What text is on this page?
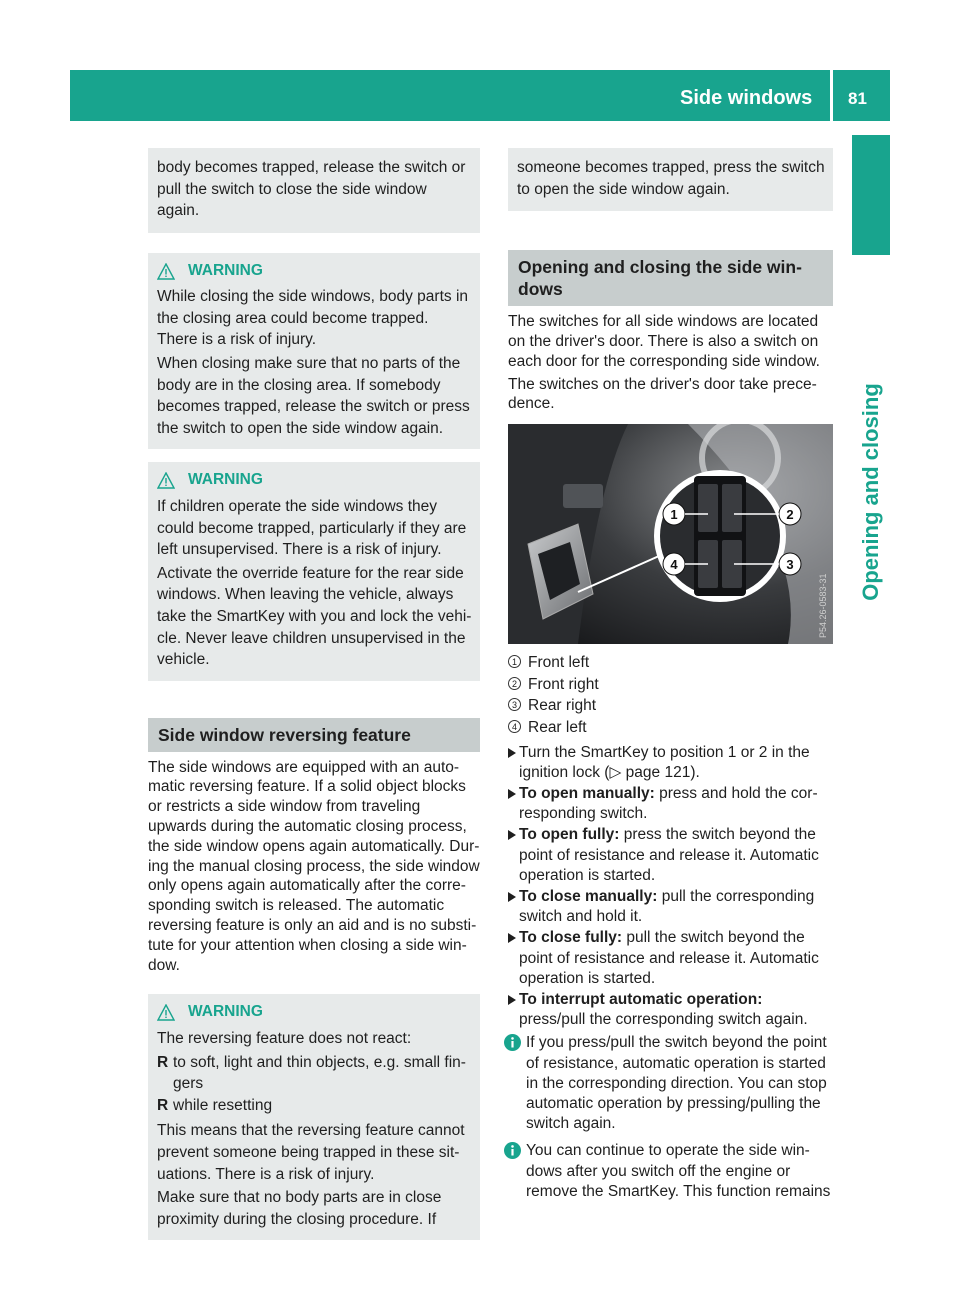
Side windows 81
Opening and closing

body becomes trapped, release the switch or pull the switch to close the side window again.

WARNING

While closing the side windows, body parts in the closing area could become trapped. There is a risk of injury.

When closing make sure that no parts of the body are in the closing area. If somebody becomes trapped, release the switch or press the switch to open the side window again.

WARNING

If children operate the side windows they could become trapped, particularly if they are left unsupervised. There is a risk of injury.

Activate the override feature for the rear side windows. When leaving the vehicle, always take the SmartKey with you and lock the vehi-cle. Never leave children unsupervised in the vehicle.

Side window reversing feature

The side windows are equipped with an auto-matic reversing feature. If a solid object blocks or restricts a side window from traveling upwards during the automatic closing process, the side window opens again automatically. Dur-ing the manual closing process, the side window only opens again automatically after the corre-sponding switch is released. The automatic reversing feature is only an aid and is no substi-tute for your attention when closing a side win-dow.

WARNING

The reversing feature does not react:

R to soft, light and thin objects, e.g. small fin-gers
R while resetting

This means that the reversing feature cannot prevent someone being trapped in these sit-uations. There is a risk of injury.

Make sure that no body parts are in close proximity during the closing procedure. If

someone becomes trapped, press the switch to open the side window again.

Opening and closing the side win-dows

The switches for all side windows are located on the driver's door. There is also a switch on each door for the corresponding side window.

The switches on the driver's door take prece-dence.

1	2
3
4
P54.26-0583-31
1 Front left
2 Front right
3 Rear right
4 Rear left
Turn the SmartKey to position 1 or 2 in the ignition lock (▷ page 121).
To open manually: press and hold the cor-responding switch.
To open fully: press the switch beyond the point of resistance and release it. Automatic operation is started.
To close manually: pull the corresponding switch and hold it.
To close fully: pull the switch beyond the point of resistance and release it. Automatic operation is started.
To interrupt automatic operation: press/pull the corresponding switch again.
If you press/pull the switch beyond the point of resistance, automatic operation is started in the corresponding direction. You can stop automatic operation by pressing/pulling the switch again.
You can continue to operate the side win-dows after you switch off the engine or remove the SmartKey. This function remains
